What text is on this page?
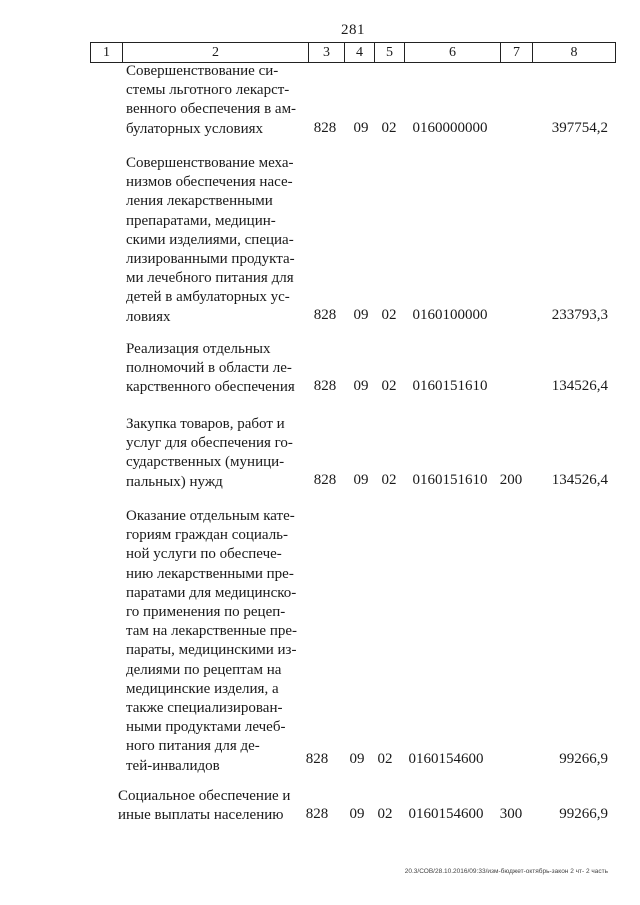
281
1	2	3	4	5	6	7	8
Совершенствование си-
стемы льготного лекарст-
венного обеспечения в ам-
булаторных условиях	828	09 02	0160000000	397754,2
Совершенствование меха-
низмов обеспечения насе-
ления лекарственными
препаратами, медицин-
скими изделиями, специа-
лизированными продукта-
ми лечебного питания для
детей в амбулаторных ус-
ловиях	828	09 02	0160100000	233793,3
Реализация отдельных
полномочий в области ле-
карственного обеспечения	828	09 02	0160151610	134526,4
Закупка товаров, работ и
услуг для обеспечения го-
сударственных (муници-
пальных) нужд	828	09 02	0160151610 200	134526,4
Оказание отдельным кате-
гориям граждан социаль-
ной услуги по обеспече-
нию лекарственными пре-
паратами для медицинско-
го применения по рецеп-
там на лекарственные пре-
параты, медицинскими из-
делиями по рецептам на
медицинские изделия, а
также специализирован-
ными продуктами лечеб-
ного питания для де-
тей-инвалидов	828	09 02	0160154600	99266,9
Социальное обеспечение и
иные выплаты населению	828	09 02	0160154600	300	99266,9
20.3/СОВ/28.10.2016/09:33/изм-бюджет-октябрь-закон 2 чт- 2 часть
